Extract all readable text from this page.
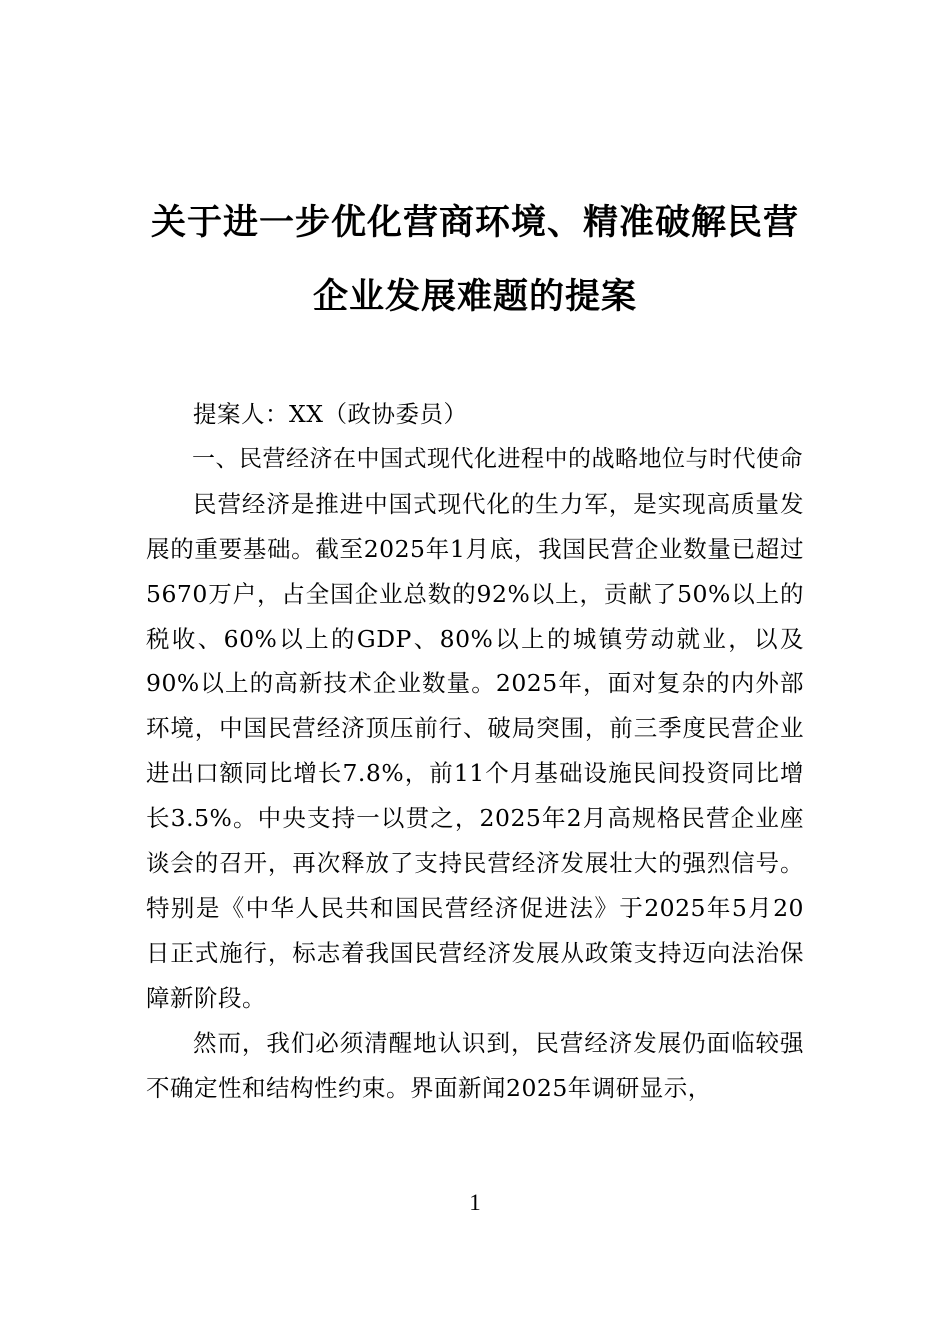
关于进一步优化营商环境、精准破解民营
企业发展难题的提案

提案人：XX（政协委员）

一、民营经济在中国式现代化进程中的战略地位与时代使命

民营经济是推进中国式现代化的生力军，是实现高质量发展的重要基础。截至2025年1月底，我国民营企业数量已超过5670万户，占全国企业总数的92%以上，贡献了50%以上的税收、60%以上的GDP、80%以上的城镇劳动就业，以及90%以上的高新技术企业数量。2025年，面对复杂的内外部环境，中国民营经济顶压前行、破局突围，前三季度民营企业进出口额同比增长7.8%，前11个月基础设施民间投资同比增长3.5%。中央支持一以贯之，2025年2月高规格民营企业座谈会的召开，再次释放了支持民营经济发展壮大的强烈信号。特别是《中华人民共和国民营经济促进法》于2025年5月20日正式施行，标志着我国民营经济发展从政策支持迈向法治保障新阶段。

然而，我们必须清醒地认识到，民营经济发展仍面临较强不确定性和结构性约束。界面新闻2025年调研显示，

1
